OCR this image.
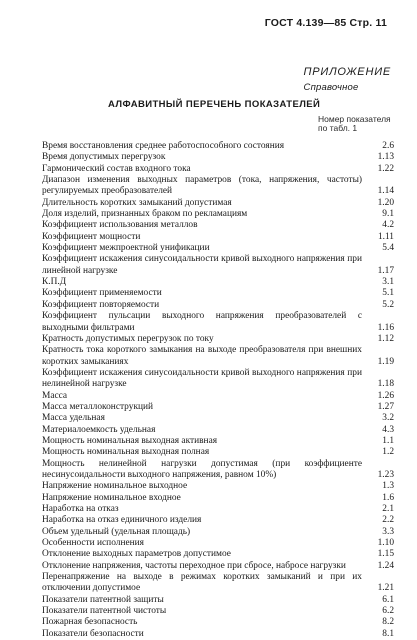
ГОСТ 4.139—85 Стр. 11
ПРИЛОЖЕНИЕ
Справочное
АЛФАВИТНЫЙ ПЕРЕЧЕНЬ ПОКАЗАТЕЛЕЙ
Номер показателя по табл. 1
Время восстановления среднее работоспособного состояния	2.6
Время допустимых перегрузок	1.13
Гармонический состав входного тока	1.22
Диапазон изменения выходных параметров (тока, напряжения, частоты) регулируемых преобразователей	1.14
Длительность коротких замыканий допустимая	1.20
Доля изделий, признанных браком по рекламациям	9.1
Коэффициент использования металлов	4.2
Коэффициент мощности	1.11
Коэффициент межпроектной унификации	5.4
Коэффициент искажения синусоидальности кривой выходного напряжения при линейной нагрузке	1.17
К.П.Д	3.1
Коэффициент применяемости	5.1
Коэффициент повторяемости	5.2
Коэффициент пульсации выходного напряжения преобразователей с выходными фильтрами	1.16
Кратность допустимых перегрузок по току	1.12
Кратность тока короткого замыкания на выходе преобразователя при внешних коротких замыканиях	1.19
Коэффициент искажения синусоидальности кривой выходного напряжения при нелинейной нагрузке	1.18
Масса	1.26
Масса металлоконструкций	1.27
Масса удельная	3.2
Материалоемкость удельная	4.3
Мощность номинальная выходная активная	1.1
Мощность номинальная выходная полная	1.2
Мощность нелинейной нагрузки допустимая (при коэффициенте несинусоидальности выходного напряжения, равном 10%)	1.23
Напряжение номинальное выходное	1.3
Напряжение номинальное входное	1.6
Наработка на отказ	2.1
Наработка на отказ единичного изделия	2.2
Объем удельный (удельная площадь)	3.3
Особенности исполнения	1.10
Отклонение выходных параметров допустимое	1.15
Отклонение напряжения, частоты переходное при сбросе, набросе нагрузки	1.24
Перенапряжение на выходе в режимах коротких замыканий и при их отключении допустимое	1.21
Показатели патентной защиты	6.1
Показатели патентной чистоты	6.2
Пожарная безопасность	8.2
Показатели безопасности	8.1
